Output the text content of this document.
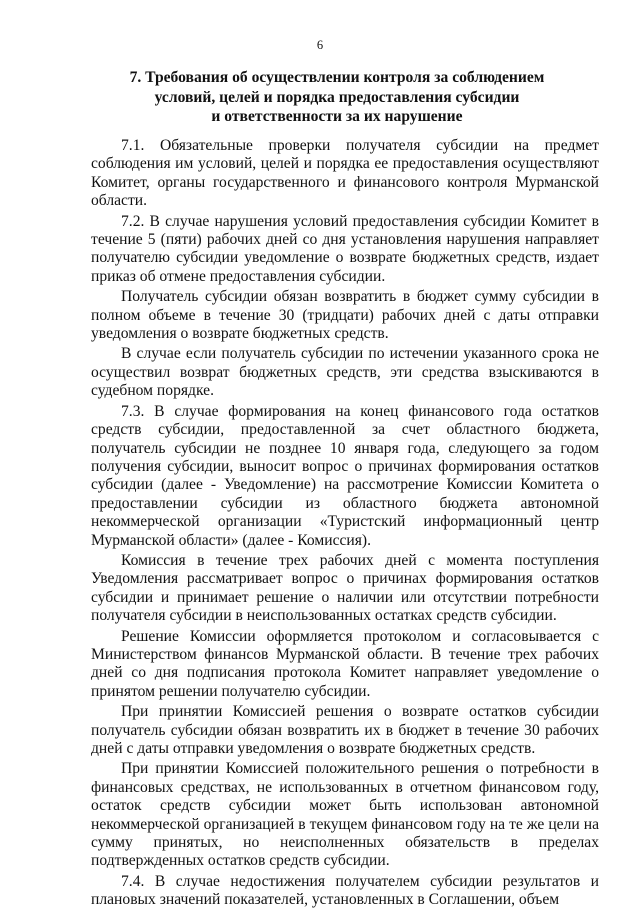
6
7. Требования об осуществлении контроля за соблюдением
условий, целей и порядка предоставления субсидии
и ответственности за их нарушение

7.1. Обязательные проверки получателя субсидии на предмет соблюдения им условий, целей и порядка ее предоставления осуществляют Комитет, органы государственного и финансового контроля Мурманской области.

7.2. В случае нарушения условий предоставления субсидии Комитет в течение 5 (пяти) рабочих дней со дня установления нарушения направляет получателю субсидии уведомление о возврате бюджетных средств, издает приказ об отмене предоставления субсидии.

Получатель субсидии обязан возвратить в бюджет сумму субсидии в полном объеме в течение 30 (тридцати) рабочих дней с даты отправки уведомления о возврате бюджетных средств.

В случае если получатель субсидии по истечении указанного срока не осуществил возврат бюджетных средств, эти средства взыскиваются в судебном порядке.

7.3. В случае формирования на конец финансового года остатков средств субсидии, предоставленной за счет областного бюджета, получатель субсидии не позднее 10 января года, следующего за годом получения субсидии, выносит вопрос о причинах формирования остатков субсидии (далее - Уведомление) на рассмотрение Комиссии Комитета о предоставлении субсидии из областного бюджета автономной некоммерческой организации «Туристский информационный центр Мурманской области» (далее - Комиссия).

Комиссия в течение трех рабочих дней с момента поступления Уведомления рассматривает вопрос о причинах формирования остатков субсидии и принимает решение о наличии или отсутствии потребности получателя субсидии в неиспользованных остатках средств субсидии.

Решение Комиссии оформляется протоколом и согласовывается с Министерством финансов Мурманской области. В течение трех рабочих дней со дня подписания протокола Комитет направляет уведомление о принятом решении получателю субсидии.

При принятии Комиссией решения о возврате остатков субсидии получатель субсидии обязан возвратить их в бюджет в течение 30 рабочих дней с даты отправки уведомления о возврате бюджетных средств.

При принятии Комиссией положительного решения о потребности в финансовых средствах, не использованных в отчетном финансовом году, остаток средств субсидии может быть использован автономной некоммерческой организацией в текущем финансовом году на те же цели на сумму принятых, но неисполненных обязательств в пределах подтвержденных остатков средств субсидии.

7.4. В случае недостижения получателем субсидии результатов и плановых значений показателей, установленных в Соглашении, объем
